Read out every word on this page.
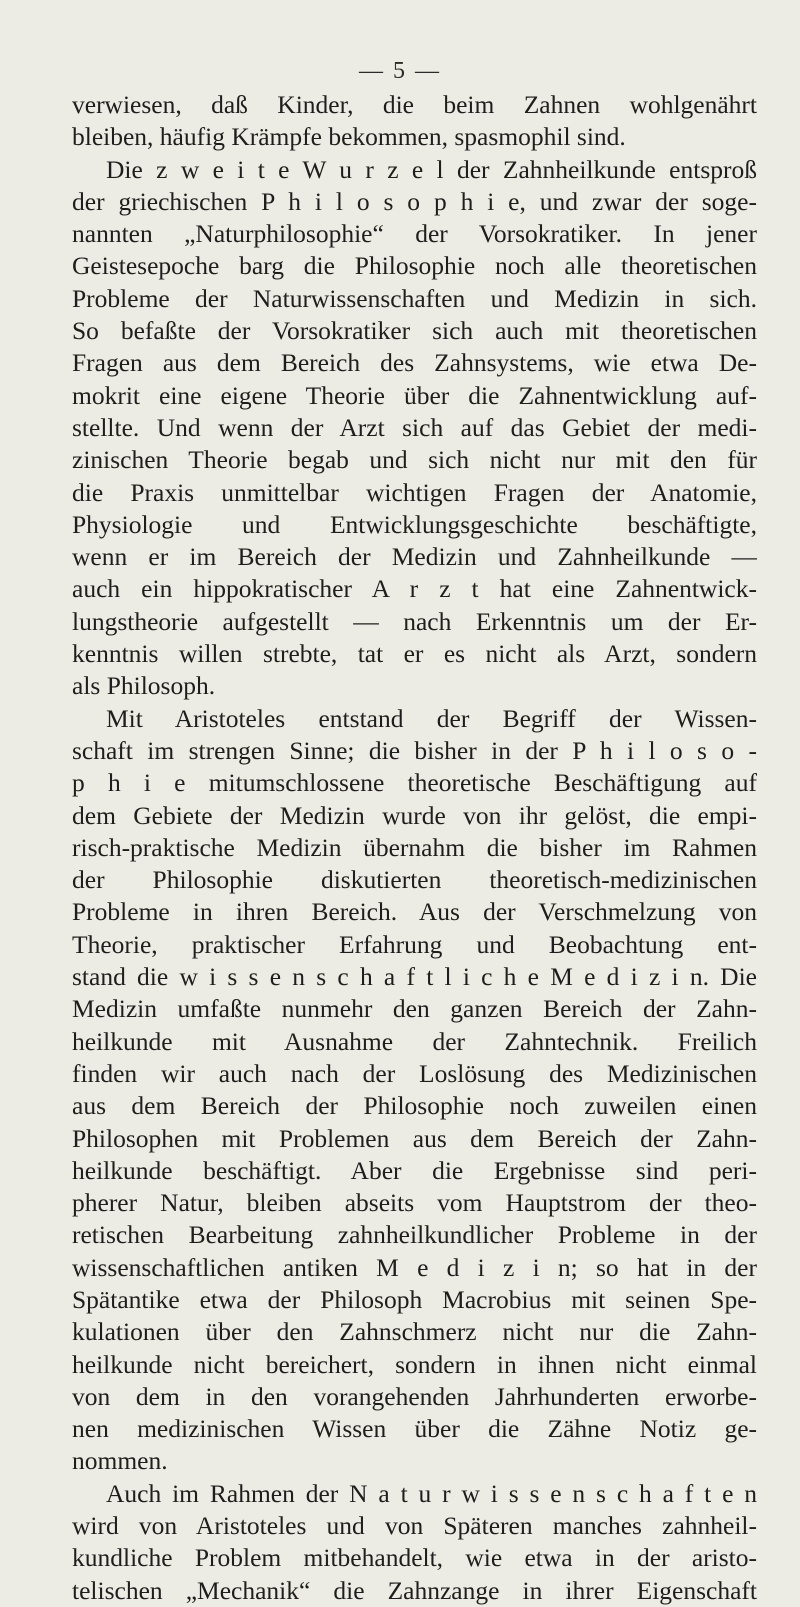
— 5 —
verwiesen, daß Kinder, die beim Zahnen wohlgenährt
bleiben, häufig Krämpfe bekommen, spasmophil sind.
Die z w e i t e W u r z e l der Zahnheilkunde entsproß
der griechischen P h i l o s o p h i e, und zwar der soge-
nannten „Naturphilosophie“ der Vorsokratiker. In jener
Geistesepoche barg die Philosophie noch alle theoretischen
Probleme der Naturwissenschaften und Medizin in sich.
So befaßte der Vorsokratiker sich auch mit theoretischen
Fragen aus dem Bereich des Zahnsystems, wie etwa De-
mokrit eine eigene Theorie über die Zahnentwicklung auf-
stellte. Und wenn der Arzt sich auf das Gebiet der medi-
zinischen Theorie begab und sich nicht nur mit den für
die Praxis unmittelbar wichtigen Fragen der Anatomie,
Physiologie und Entwicklungsgeschichte beschäftigte,
wenn er im Bereich der Medizin und Zahnheilkunde —
auch ein hippokratischer A r z t hat eine Zahnentwick-
lungstheorie aufgestellt — nach Erkenntnis um der Er-
kenntnis willen strebte, tat er es nicht als Arzt, sondern
als Philosoph.
Mit Aristoteles entstand der Begriff der Wissen-
schaft im strengen Sinne; die bisher in der P h i l o s o -
p h i e mitumschlossene theoretische Beschäftigung auf
dem Gebiete der Medizin wurde von ihr gelöst, die empi-
risch-praktische Medizin übernahm die bisher im Rahmen
der Philosophie diskutierten theoretisch-medizinischen
Probleme in ihren Bereich. Aus der Verschmelzung von
Theorie, praktischer Erfahrung und Beobachtung ent-
stand die w i s s e n s c h a f t l i c h e M e d i z i n. Die
Medizin umfaßte nunmehr den ganzen Bereich der Zahn-
heilkunde mit Ausnahme der Zahntechnik. Freilich
finden wir auch nach der Loslösung des Medizinischen
aus dem Bereich der Philosophie noch zuweilen einen
Philosophen mit Problemen aus dem Bereich der Zahn-
heilkunde beschäftigt. Aber die Ergebnisse sind peri-
pherer Natur, bleiben abseits vom Hauptstrom der theo-
retischen Bearbeitung zahnheilkundlicher Probleme in der
wissenschaftlichen antiken M e d i z i n; so hat in der
Spätantike etwa der Philosoph Macrobius mit seinen Spe-
kulationen über den Zahnschmerz nicht nur die Zahn-
heilkunde nicht bereichert, sondern in ihnen nicht einmal
von dem in den vorangehenden Jahrhunderten erworbe-
nen medizinischen Wissen über die Zähne Notiz ge-
nommen.
Auch im Rahmen der N a t u r w i s s e n s c h a f t e n
wird von Aristoteles und von Späteren manches zahnheil-
kundliche Problem mitbehandelt, wie etwa in der aristo-
telischen „Mechanik“ die Zahnzange in ihrer Eigenschaft
